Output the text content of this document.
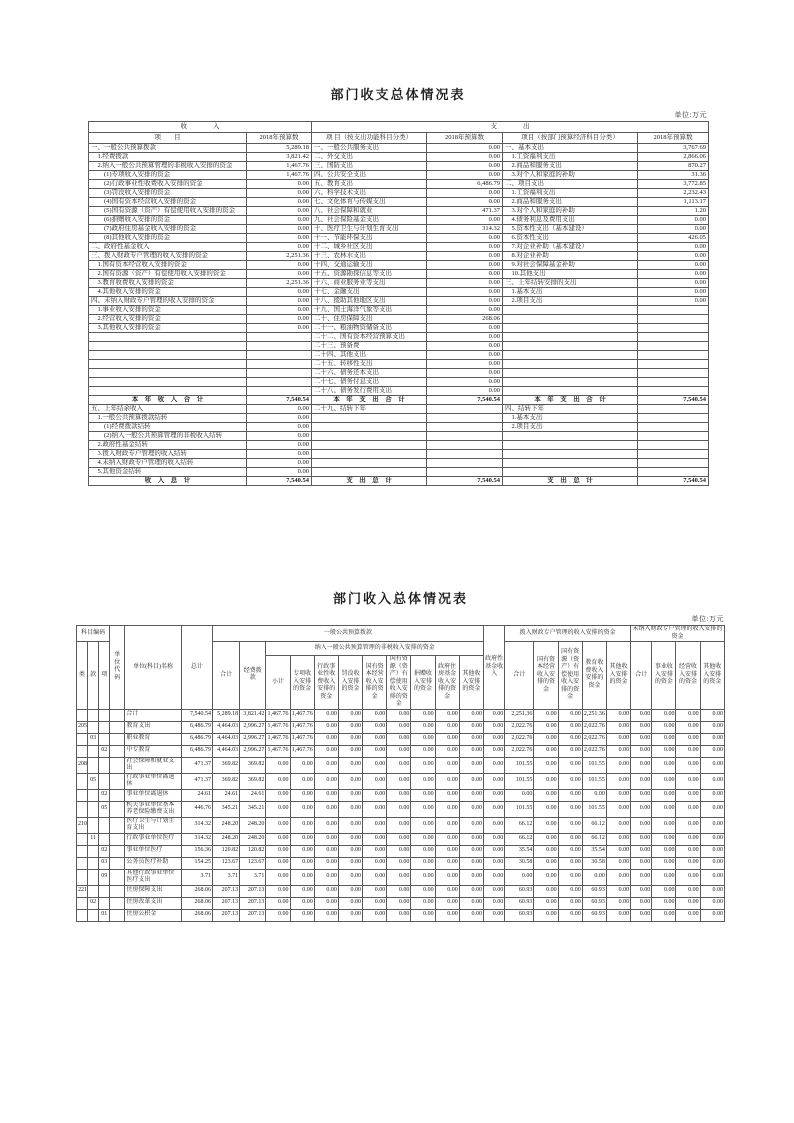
部门收支总体情况表
单位:万元
收入		支出			
项　　目	2018年预算数	项 目（按支出功能科目分类）	2018年预算数	项目（按部门预算经济科目分类）	2018年预算数
一、一般公共预算拨款	5,289.18	一、一般公共服务支出	0.00	一、基本支出	3,767.69
　1.经费拨款	3,821.42	二、外交支出	0.00	　1.工资福利支出	2,866.06
　2.纳入一般公共预算管理的非税收入安排的资金	1,467.76	三、国防支出	0.00	　2.商品和服务支出	870.27
　　(1)专项收入安排的资金	1,467.76	四、公共安全支出	0.00	　3.对个人和家庭的补助	31.36
　　(2)行政事业性收费收入安排的资金	0.00	五、教育支出	6,486.79	二、项目支出	3,772.85
　　(3)罚没收入安排的资金	0.00	六、科学技术支出	0.00	　1.工资福利支出	2,232.43
　　(4)国有资本经营收入安排的资金	0.00	七、文化体育与传媒支出	0.00	　2.商品和服务支出	1,113.17
　　(5)国有资源（资产）有偿使用收入安排的资金	0.00	八、社会保障和就业	471.37	　3.对个人和家庭的补助	1.20
　　(6)捐赠收入安排的资金	0.00	九、社会保险基金支出	0.00	　4.债务利息及费用支出	0.00
　　(7)政府住房基金收入安排的资金	0.00	十、医疗卫生与计划生育支出	314.32	　5.资本性支出（基本建设）	0.00
　　(8)其他收入安排的资金	0.00	十一、节能环保支出	0.00	　6.资本性支出	426.05
二、政府性基金收入	0.00	十二、城乡社区支出	0.00	　7.对企业补助（基本建设）	0.00
三、拨入财政专户管理的收入安排的资金	2,251.36	十三、农林水支出	0.00	　8.对企业补助	0.00
　1.国有资本经营收入安排的资金	0.00	十四、交通运输支出	0.00	　9.对社会保障基金补助	0.00
　2.国有资源（资产）有偿使用收入安排的资金	0.00	十五、资源勘探信息等支出	0.00	　10.其他支出	0.00
　3.教育收费收入安排的资金	2,251.36	十六、商业服务业等支出	0.00	三、上年结转安排的支出	0.00
　4.其他收入安排的资金	0.00	十七、金融支出	0.00	　1.基本支出	0.00
四、未纳入财政专户管理的收入安排的资金	0.00	十八、援助其他地区支出	0.00	　2.项目支出	0.00
　1.事业收入安排的资金	0.00	十九、国土海洋气象等支出	0.00		
　2.经营收入安排的资金	0.00	二十、住房保障支出	268.06		
　3.其他收入安排的资金	0.00	二十一、粮油物资储备支出	0.00		
		二十二、国有资本经营预算支出	0.00		
		二十三、预备费	0.00		
		二十四、其他支出	0.00		
		二十五、转移性支出	0.00		
		二十六、债务还本支出	0.00		
		二十七、债务付息支出	0.00		
		二十八、债务发行费用支出	0.00		
本　年　收　入　合　计	7,540.54	本　年　支　出　合　计	7,540.54	本　年　支　出　合　计	7,540.54
五、上年结余收入	0.00	二十九、结转下年		四、结转下年	
　1.一般公共预算拨款结转	0.00			　1.基本支出	
　　(1)经费拨款结转	0.00			　2.项目支出	
　　(2)纳入一般公共预算管理的非税收入结转	0.00				
　2.政府性基金结转	0.00				
　3.拨入财政专户管理的收入结转	0.00				
　4.未纳入财政专户管理的收入结转	0.00				
　5.其他资金结转	0.00				
收　入　总　计	7,540.54	支　出　总　计	7,540.54	支　出　总　计	7,540.54
部门收入总体情况表
单位:万元
科目编码			单位代码	单位(科目)名称	总计	一般公共预算拨款											政府性基金收入	拨入财政专户管理的收入安排的资金					未纳入财政专户管理的收入安排的资金			
类	款	项				合计	经费拨款	纳入一般公共预算管理的非税收入安排的资金										合计	国有资本经营收入安排的资金	国有资源（资产）有偿使用收入安排的资金	教育收费收入安排的资金	其他收入安排的资金	合计	事业收入安排的资金	经营收入安排的资金	其他收入安排的资金
								小计	专项收入安排的资金	行政事业性收费收入安排的资金	罚没收入安排的资金	国有资本经营收入安排的资金	国有资源（资产）有偿使用收入安排的资金	捐赠收入安排的资金	政府住房基金收入安排的资金	其他收入安排的资金										
				合计	7,540.54	5,289.18	3,821.42	1,467.76	1,467.76	0.00	0.00	0.00	0.00	0.00	0.00	0.00	0.00	2,251.36	0.00	0.00	2,251.36	0.00	0.00	0.00	0.00	0.00
205				教育支出	6,486.79	4,464.03	2,996.27	1,467.76	1,467.76	0.00	0.00	0.00	0.00	0.00	0.00	0.00	0.00	2,022.76	0.00	0.00	2,022.76	0.00	0.00	0.00	0.00	0.00
	03			职业教育	6,486.79	4,464.03	2,996.27	1,467.76	1,467.76	0.00	0.00	0.00	0.00	0.00	0.00	0.00	0.00	2,022.76	0.00	0.00	2,022.76	0.00	0.00	0.00	0.00	0.00
		02		中专教育	6,486.79	4,464.03	2,996.27	1,467.76	1,467.76	0.00	0.00	0.00	0.00	0.00	0.00	0.00	0.00	2,022.76	0.00	0.00	2,022.76	0.00	0.00	0.00	0.00	0.00
208				社会保障和就业支出	471.37	369.82	369.82	0.00	0.00	0.00	0.00	0.00	0.00	0.00	0.00	0.00	0.00	101.55	0.00	0.00	101.55	0.00	0.00	0.00	0.00	0.00
	05			行政事业单位离退休	471.37	369.82	369.82	0.00	0.00	0.00	0.00	0.00	0.00	0.00	0.00	0.00	0.00	101.55	0.00	0.00	101.55	0.00	0.00	0.00	0.00	0.00
		02		事业单位离退休	24.61	24.61	24.61	0.00	0.00	0.00	0.00	0.00	0.00	0.00	0.00	0.00	0.00	0.00	0.00	0.00	0.00	0.00	0.00	0.00	0.00	0.00
		05		机关事业单位基本养老保险缴费支出	446.76	345.21	345.21	0.00	0.00	0.00	0.00	0.00	0.00	0.00	0.00	0.00	0.00	101.55	0.00	0.00	101.55	0.00	0.00	0.00	0.00	0.00
210				医疗卫生与计划生育支出	314.32	248.20	248.20	0.00	0.00	0.00	0.00	0.00	0.00	0.00	0.00	0.00	0.00	66.12	0.00	0.00	66.12	0.00	0.00	0.00	0.00	0.00
	11			行政事业单位医疗	314.32	248.20	248.20	0.00	0.00	0.00	0.00	0.00	0.00	0.00	0.00	0.00	0.00	66.12	0.00	0.00	66.12	0.00	0.00	0.00	0.00	0.00
		02		事业单位医疗	156.36	120.82	120.82	0.00	0.00	0.00	0.00	0.00	0.00	0.00	0.00	0.00	0.00	35.54	0.00	0.00	35.54	0.00	0.00	0.00	0.00	0.00
		03		公务员医疗补助	154.25	123.67	123.67	0.00	0.00	0.00	0.00	0.00	0.00	0.00	0.00	0.00	0.00	30.58	0.00	0.00	30.58	0.00	0.00	0.00	0.00	0.00
		09		其他行政事业单位医疗支出	3.71	3.71	3.71	0.00	0.00	0.00	0.00	0.00	0.00	0.00	0.00	0.00	0.00	0.00	0.00	0.00	0.00	0.00	0.00	0.00	0.00	0.00
221				住房保障支出	268.06	207.13	207.13	0.00	0.00	0.00	0.00	0.00	0.00	0.00	0.00	0.00	0.00	60.93	0.00	0.00	60.93	0.00	0.00	0.00	0.00	0.00
	02			住房改革支出	268.06	207.13	207.13	0.00	0.00	0.00	0.00	0.00	0.00	0.00	0.00	0.00	0.00	60.93	0.00	0.00	60.93	0.00	0.00	0.00	0.00	0.00
		01		住房公积金	268.06	207.13	207.13	0.00	0.00	0.00	0.00	0.00	0.00	0.00	0.00	0.00	0.00	60.93	0.00	0.00	60.93	0.00	0.00	0.00	0.00	0.00
